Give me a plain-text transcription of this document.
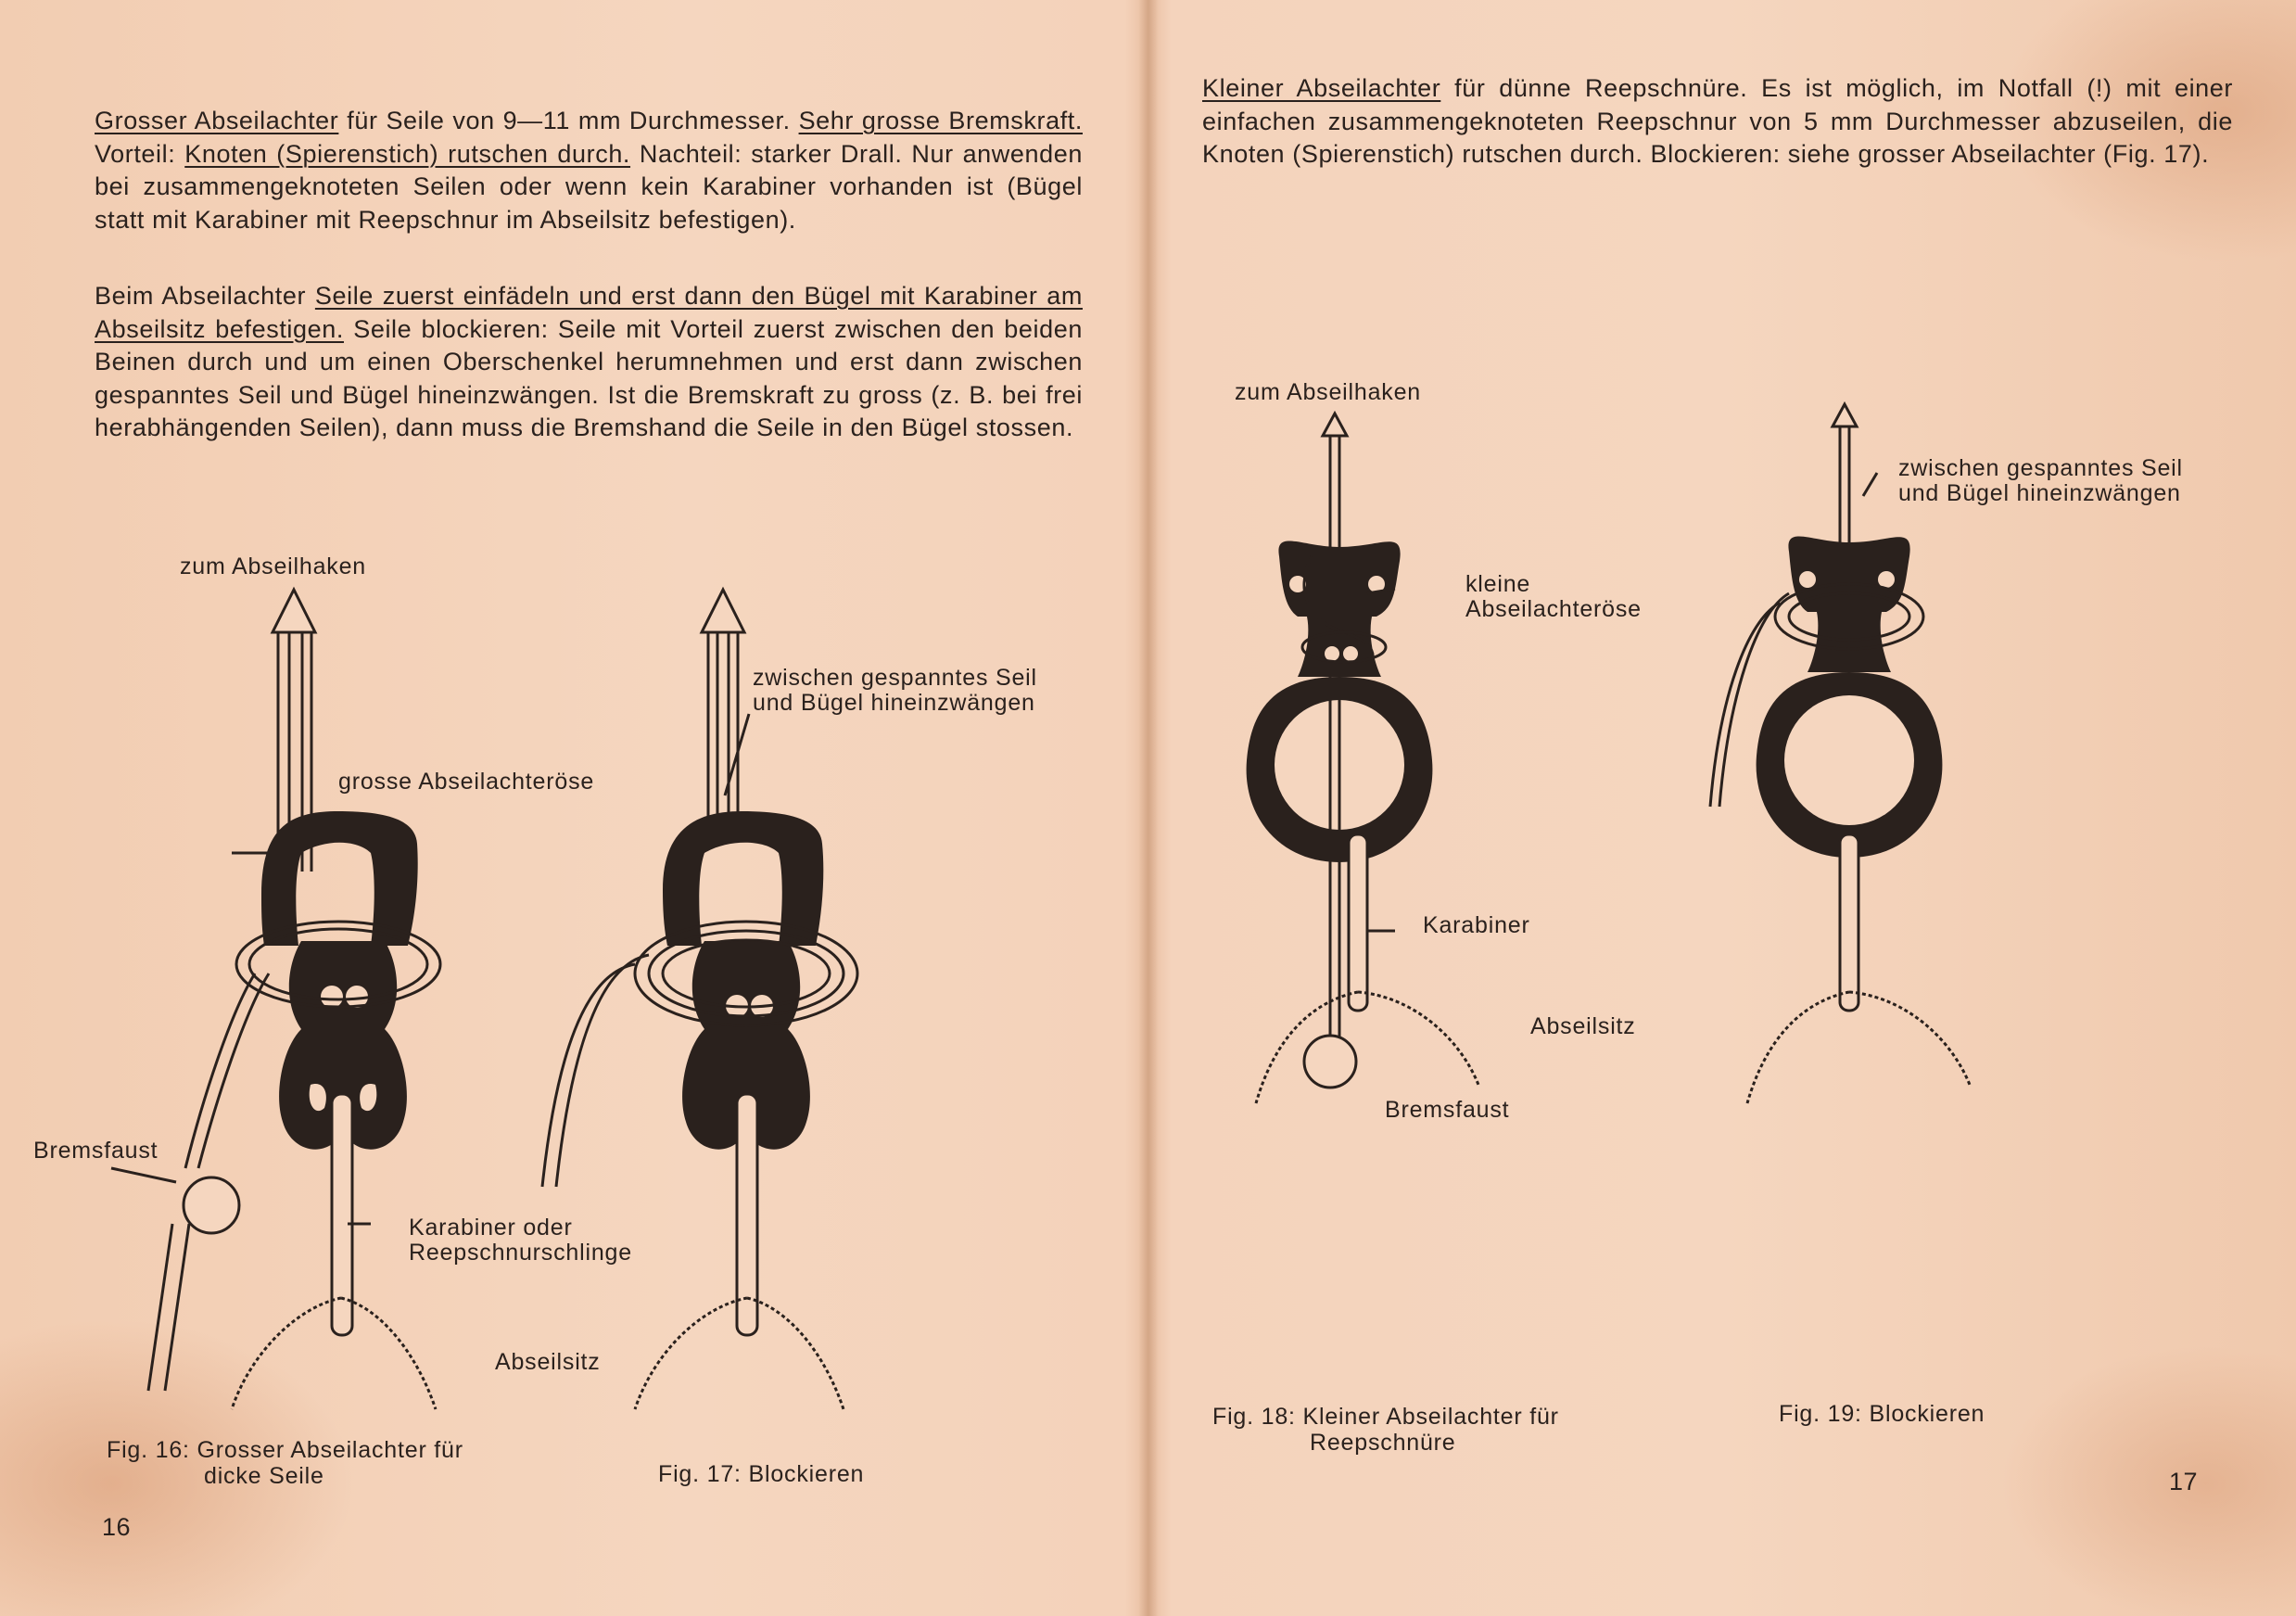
Grosser Abseilachter für Seile von 9—11 mm Durchmesser. Sehr grosse Bremskraft. Vorteil: Knoten (Spierenstich) rutschen durch. Nachteil: starker Drall. Nur anwenden bei zusammengeknoteten Seilen oder wenn kein Karabiner vorhanden ist (Bügel statt mit Karabiner mit Reepschnur im Abseilsitz befestigen).

Beim Abseilachter Seile zuerst einfädeln und erst dann den Bügel mit Karabiner am Abseilsitz befestigen. Seile blockieren: Seile mit Vorteil zuerst zwischen den beiden Beinen durch und um einen Oberschenkel herumnehmen und erst dann zwischen gespanntes Seil und Bügel hineinzwängen. Ist die Bremskraft zu gross (z. B. bei frei herabhängenden Seilen), dann muss die Bremshand die Seile in den Bügel stossen.

zum Abseilhaken

grosse Abseilachteröse

Bremsfaust

Karabiner oder
Reepschnurschlinge

Abseilsitz

zwischen gespanntes Seil
und Bügel hineinzwängen

Fig. 16: Grosser Abseilachter für
dicke Seile	Fig. 17: Blockieren

16

Kleiner Abseilachter für dünne Reepschnüre. Es ist möglich, im Notfall (!) mit einer einfachen zusammengeknoteten Reepschnur von 5 mm Durchmesser abzuseilen, die Knoten (Spierenstich) rutschen durch. Blockieren: siehe grosser Abseilachter (Fig. 17).

zum Abseilhaken

kleine
Abseilachteröse

Karabiner

Abseilsitz

Bremsfaust

zwischen gespanntes Seil
und Bügel hineinzwängen

Fig. 18: Kleiner Abseilachter für
Reepschnüre

Fig. 19: Blockieren

17
